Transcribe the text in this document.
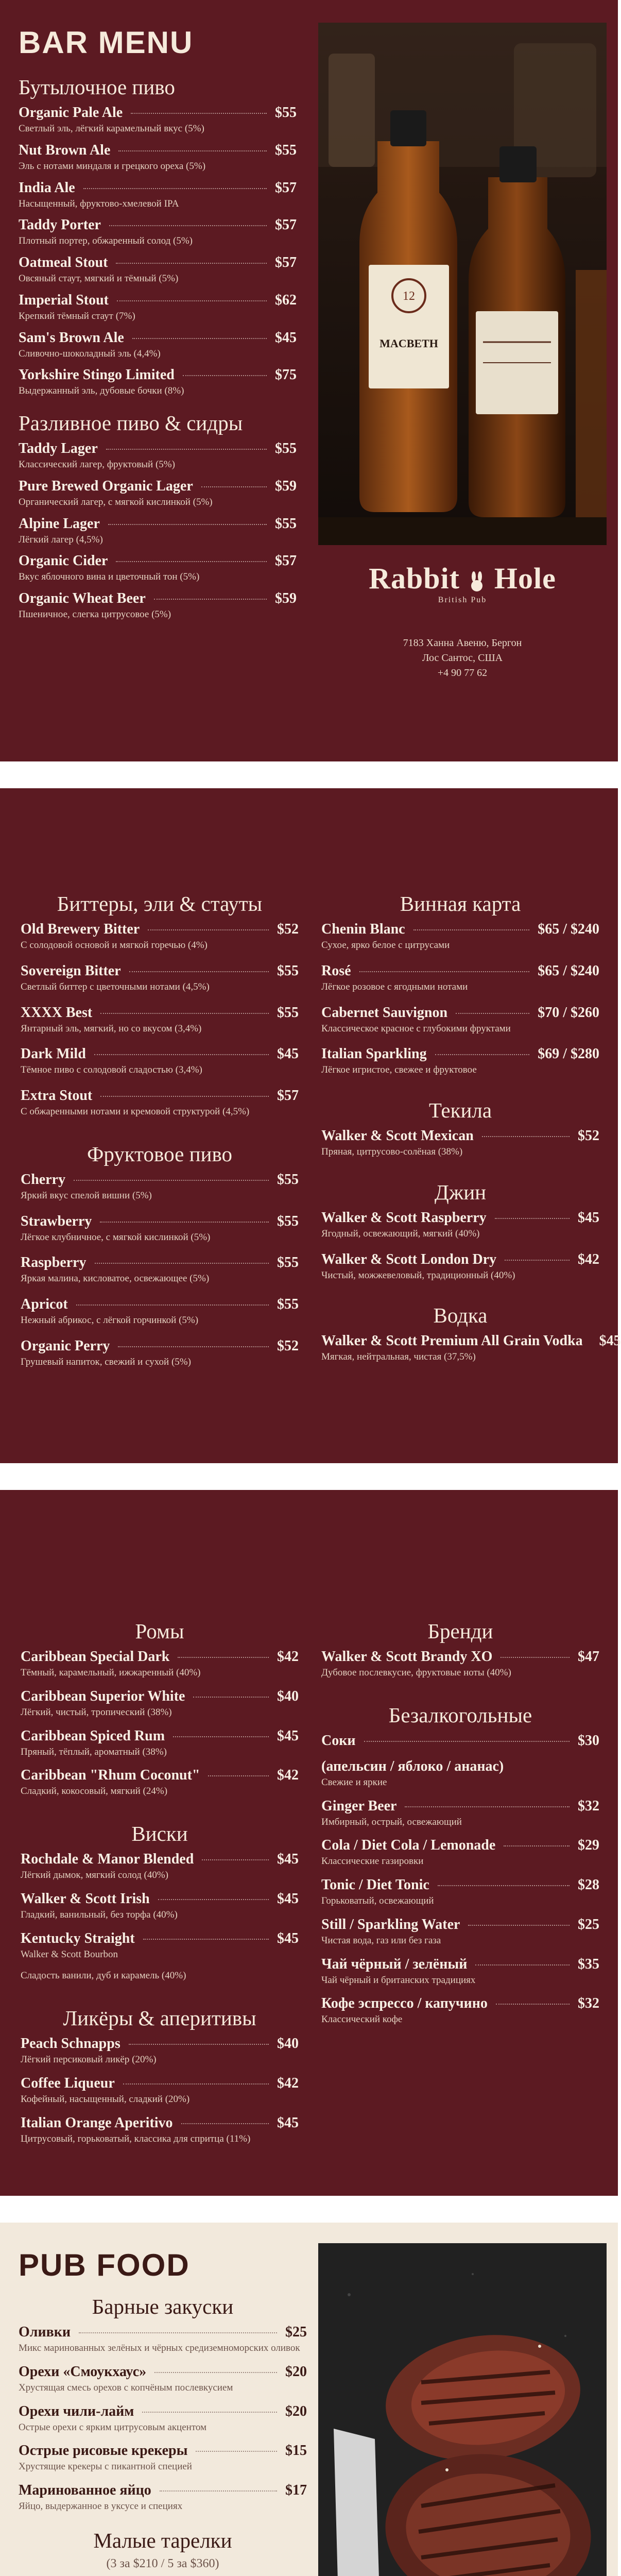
BAR MENU
Бутылочное пиво
Organic Pale Ale	$55
Светлый эль, лёгкий карамельный вкус (5%)
Nut Brown Ale	$55
Эль с нотами миндаля и грецкого ореха (5%)
India Ale	$57
Насыщенный, фруктово-хмелевой IPA
Taddy Porter	$57
Плотный портер, обжаренный солод (5%)
Oatmeal Stout	$57
Овсяный стаут, мягкий и тёмный (5%)
Imperial Stout	$62
Крепкий тёмный стаут (7%)
Sam's Brown Ale	$45
Сливочно-шоколадный эль (4,4%)
Yorkshire Stingo Limited	$75
Выдержанный эль, дубовые бочки (8%)
Разливное пиво & сидры
Taddy Lager	$55
Классический лагер, фруктовый (5%)
Pure Brewed Organic Lager	$59
Органический лагер, с мягкой кислинкой (5%)
Alpine Lager	$55
Лёгкий лагер (4,5%)
Organic Cider	$57
Вкус яблочного вина и цветочный тон (5%)
Organic Wheat Beer	$59
Пшеничное, слегка цитрусовое (5%)
12
MACBETH
Rabbit Hole
British Pub
7183 Ханна Авеню, Бергон
Лос Сантос, США
+4 90 77 62
Биттеры, эли & стауты
Old Brewery Bitter	$52
С солодовой основой и мягкой горечью (4%)
Sovereign Bitter	$55
Светлый биттер с цветочными нотами (4,5%)
XXXX Best	$55
Янтарный эль, мягкий, но со вкусом (3,4%)
Dark Mild	$45
Тёмное пиво с солодовой сладостью (3,4%)
Extra Stout	$57
С обжаренными нотами и кремовой структурой (4,5%)
Фруктовое пиво
Cherry	$55
Яркий вкус спелой вишни (5%)
Strawberry	$55
Лёгкое клубничное, с мягкой кислинкой (5%)
Raspberry	$55
Яркая малина, кисловатое, освежающее (5%)
Apricot	$55
Нежный абрикос, с лёгкой горчинкой (5%)
Organic Perry	$52
Грушевый напиток, свежий и сухой (5%)
Винная карта
Chenin Blanc	$65 / $240
Сухое, ярко белое с цитрусами
Rosé	$65 / $240
Лёгкое розовое с ягодными нотами
Cabernet Sauvignon	$70 / $260
Классическое красное с глубокими фруктами
Italian Sparkling	$69 / $280
Лёгкое игристое, свежее и фруктовое
Текила
Walker & Scott Mexican	$52
Пряная, цитрусово-солёная (38%)
Джин
Walker & Scott Raspberry	$45
Ягодный, освежающий, мягкий (40%)
Walker & Scott London Dry	$42
Чистый, можжевеловый, традиционный (40%)
Водка
Walker & Scott Premium All Grain Vodka $45
Мягкая, нейтральная, чистая (37,5%)
Ромы
Caribbean Special Dark	$42
Тёмный, карамельный, ижжаренный (40%)
Caribbean Superior White	$40
Лёгкий, чистый, тропический (38%)
Caribbean Spiced Rum	$45
Пряный, тёплый, ароматный (38%)
Caribbean "Rhum Coconut"	$42
Сладкий, кокосовый, мягкий (24%)
Виски
Rochdale & Manor Blended	$45
Лёгкий дымок, мягкий солод (40%)
Walker & Scott Irish	$45
Гладкий, ванильный, без торфа (40%)
Kentucky Straight	$45
Walker & Scott Bourbon
Сладость ванили, дуб и карамель (40%)
Ликёры & аперитивы
Peach Schnapps	$40
Лёгкий персиковый ликёр (20%)
Coffee Liqueur	$42
Кофейный, насыщенный, сладкий (20%)
Italian Orange Aperitivo	$45
Цитрусовый, горьковатый, классика для спритца (11%)
Бренди
Walker & Scott Brandy XO	$47
Дубовое послевкусие, фруктовые ноты (40%)
Безалкогольные
Соки	$30
(апельсин / яблоко / ананас)
Свежие и яркие
Ginger Beer	$32
Имбирный, острый, освежающий
Cola / Diet Cola / Lemonade	$29
Классические газировки
Tonic / Diet Tonic	$28
Горьковатый, освежающий
Still / Sparkling Water	$25
Чистая вода, газ или без газа
Чай чёрный / зелёный	$35
Чай чёрный и британских традициях
Кофе эспрессо / капучино	$32
Классический кофе
PUB FOOD
Барные закуски
Оливки	$25
Микс маринованных зелёных и чёрных средиземноморских оливок
Орехи «Смоукхаус»	$20
Хрустящая смесь орехов с копчёным послевкусием
Орехи чили-лайм	$20
Острые орехи с ярким цитрусовым акцентом
Острые рисовые крекеры	$15
Хрустящие крекеры с пикантной специей
Маринованное яйцо	$17
Яйцо, выдержанное в уксусе и специях
Малые тарелки
(3 за $210 / 5 за $360)
